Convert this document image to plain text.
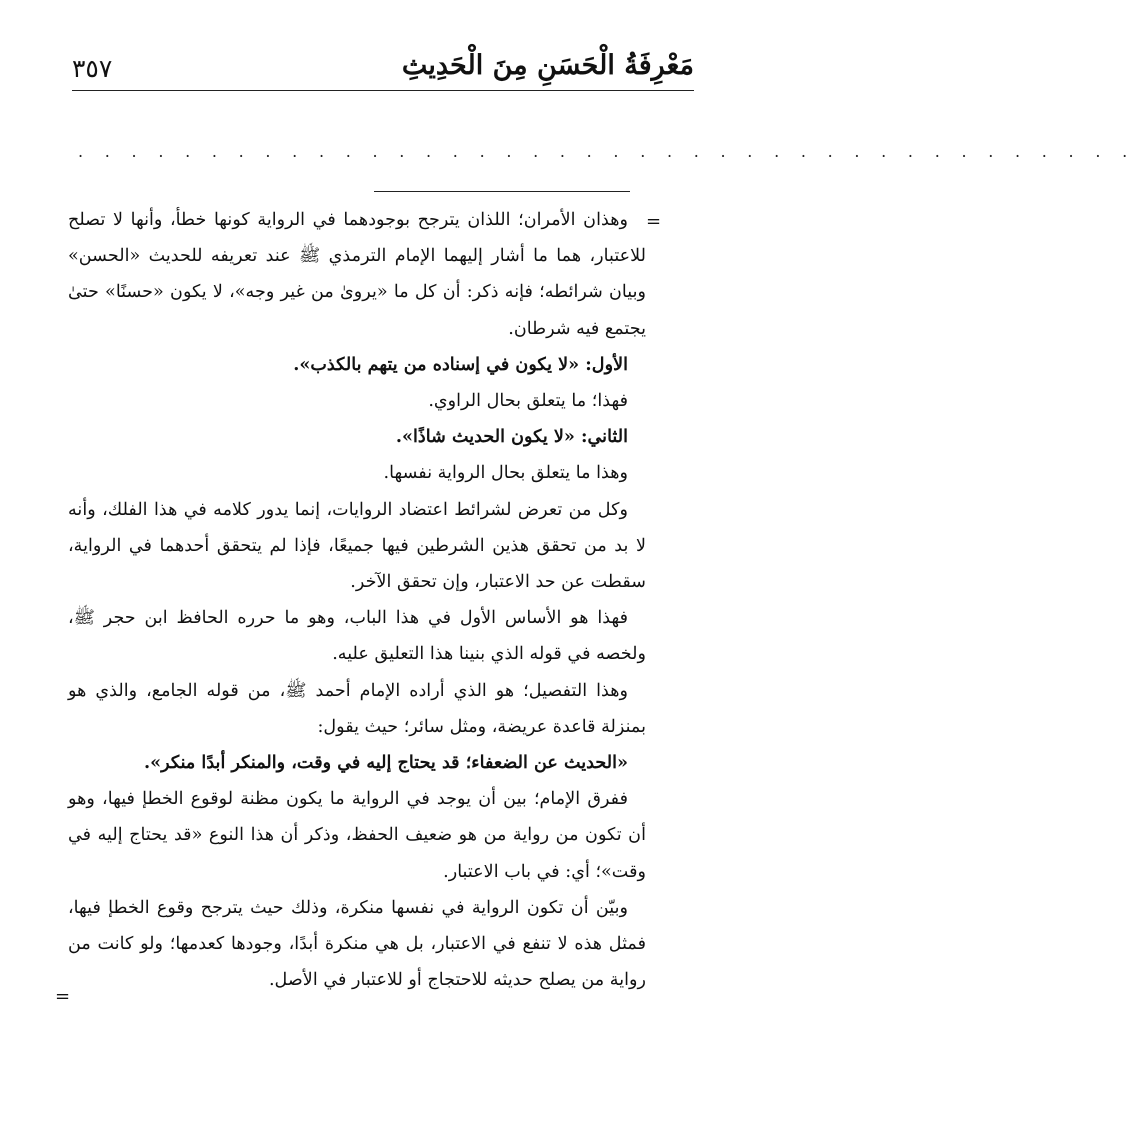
٣٥٧	مَعْرِفَةُ الْحَسَنِ مِنَ الْحَدِيثِ
. . . . . . . . . . . . . . . . . . . . . . . . . . . . . . . . . . . . . . . .
=
=

وهذان الأمران؛ اللذان يترجح بوجودهما في الرواية كونها خطأ، وأنها لا تصلح للاعتبار، هما ما أشار إليهما الإمام الترمذي ﷺ عند تعريفه للحديث «الحسن» وبيان شرائطه؛ فإنه ذكر: أن كل ما «يروىٰ من غير وجه»، لا يكون «حسنًا» حتىٰ يجتمع فيه شرطان.

الأول: «لا يكون في إسناده من يتهم بالكذب».

فهذا؛ ما يتعلق بحال الراوي.

الثاني: «لا يكون الحديث شاذًا».

وهذا ما يتعلق بحال الرواية نفسها.

وكل من تعرض لشرائط اعتضاد الروايات، إنما يدور كلامه في هذا الفلك، وأنه لا بد من تحقق هذين الشرطين فيها جميعًا، فإذا لم يتحقق أحدهما في الرواية، سقطت عن حد الاعتبار، وإن تحقق الآخر.

فهذا هو الأساس الأول في هذا الباب، وهو ما حرره الحافظ ابن حجر ﷺ، ولخصه في قوله الذي بنينا هذا التعليق عليه.

وهذا التفصيل؛ هو الذي أراده الإمام أحمد ﷺ، من قوله الجامع، والذي هو بمنزلة قاعدة عريضة، ومثل سائر؛ حيث يقول:

«الحديث عن الضعفاء؛ قد يحتاج إليه في وقت، والمنكر أبدًا منكر».

ففرق الإمام؛ بين أن يوجد في الرواية ما يكون مظنة لوقوع الخطإ فيها، وهو أن تكون من رواية من هو ضعيف الحفظ، وذكر أن هذا النوع «قد يحتاج إليه في وقت»؛ أي: في باب الاعتبار.

وبيّن أن تكون الرواية في نفسها منكرة، وذلك حيث يترجح وقوع الخطإ فيها، فمثل هذه لا تنفع في الاعتبار، بل هي منكرة أبدًا، وجودها كعدمها؛ ولو كانت من رواية من يصلح حديثه للاحتجاج أو للاعتبار في الأصل.
